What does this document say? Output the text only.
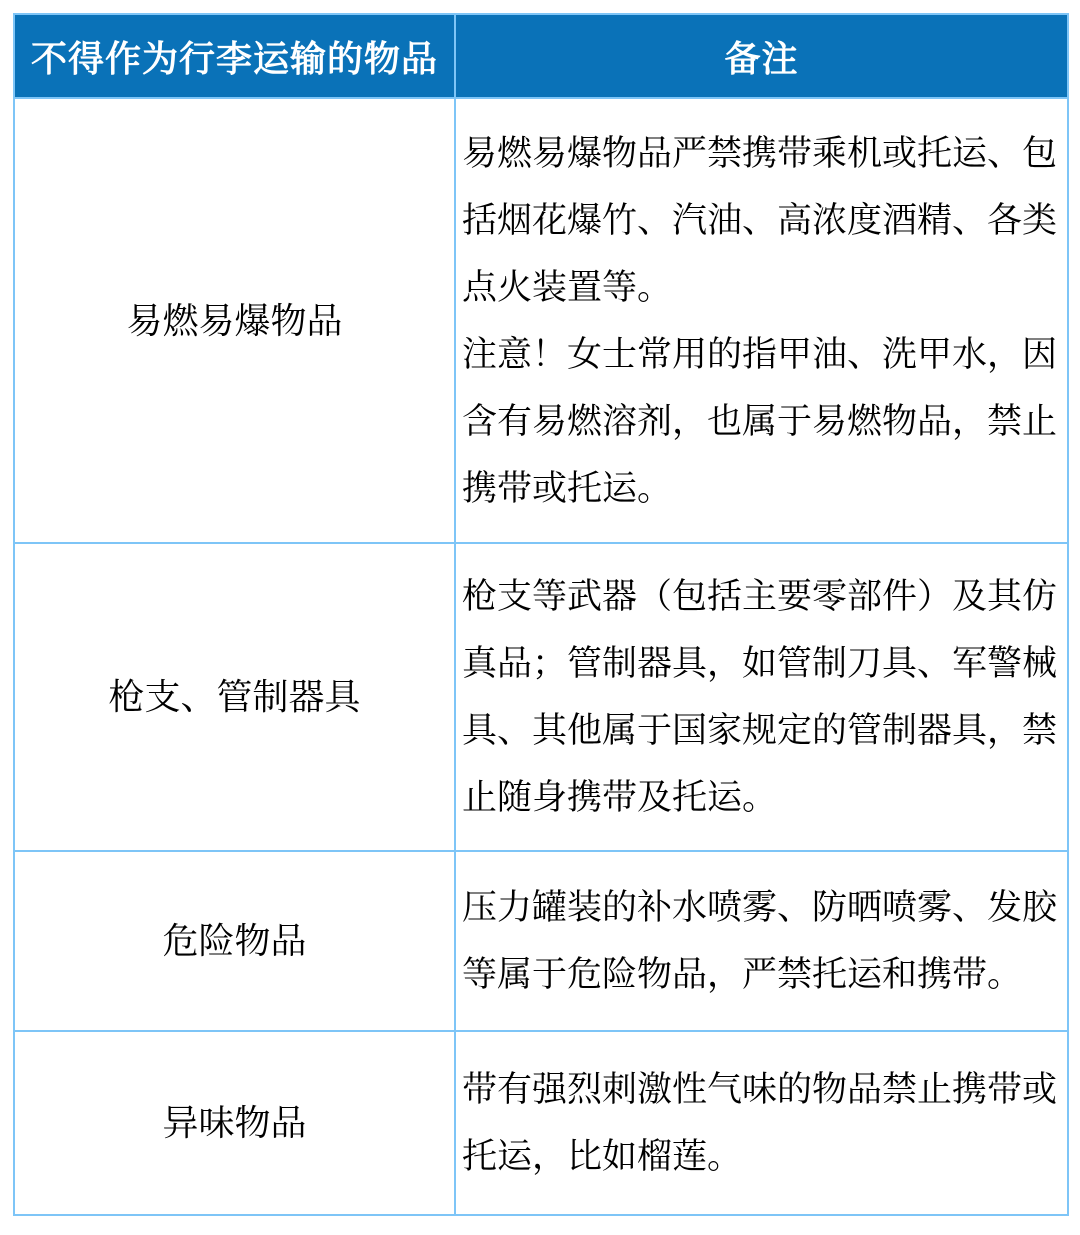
不得作为行李运输的物品	备注
易燃易爆物品	易燃易爆物品严禁携带乘机或托运、包括烟花爆竹、汽油、高浓度酒精、各类点火装置等。

注意！女士常用的指甲油、洗甲水，因含有易燃溶剂，也属于易燃物品，禁止携带或托运。

枪支、管制器具	枪支等武器（包括主要零部件）及其仿真品；管制器具，如管制刀具、军警械具、其他属于国家规定的管制器具，禁止随身携带及托运。

危险物品	压力罐装的补水喷雾、防晒喷雾、发胶等属于危险物品，严禁托运和携带。

异味物品	带有强烈刺激性气味的物品禁止携带或托运，比如榴莲。
